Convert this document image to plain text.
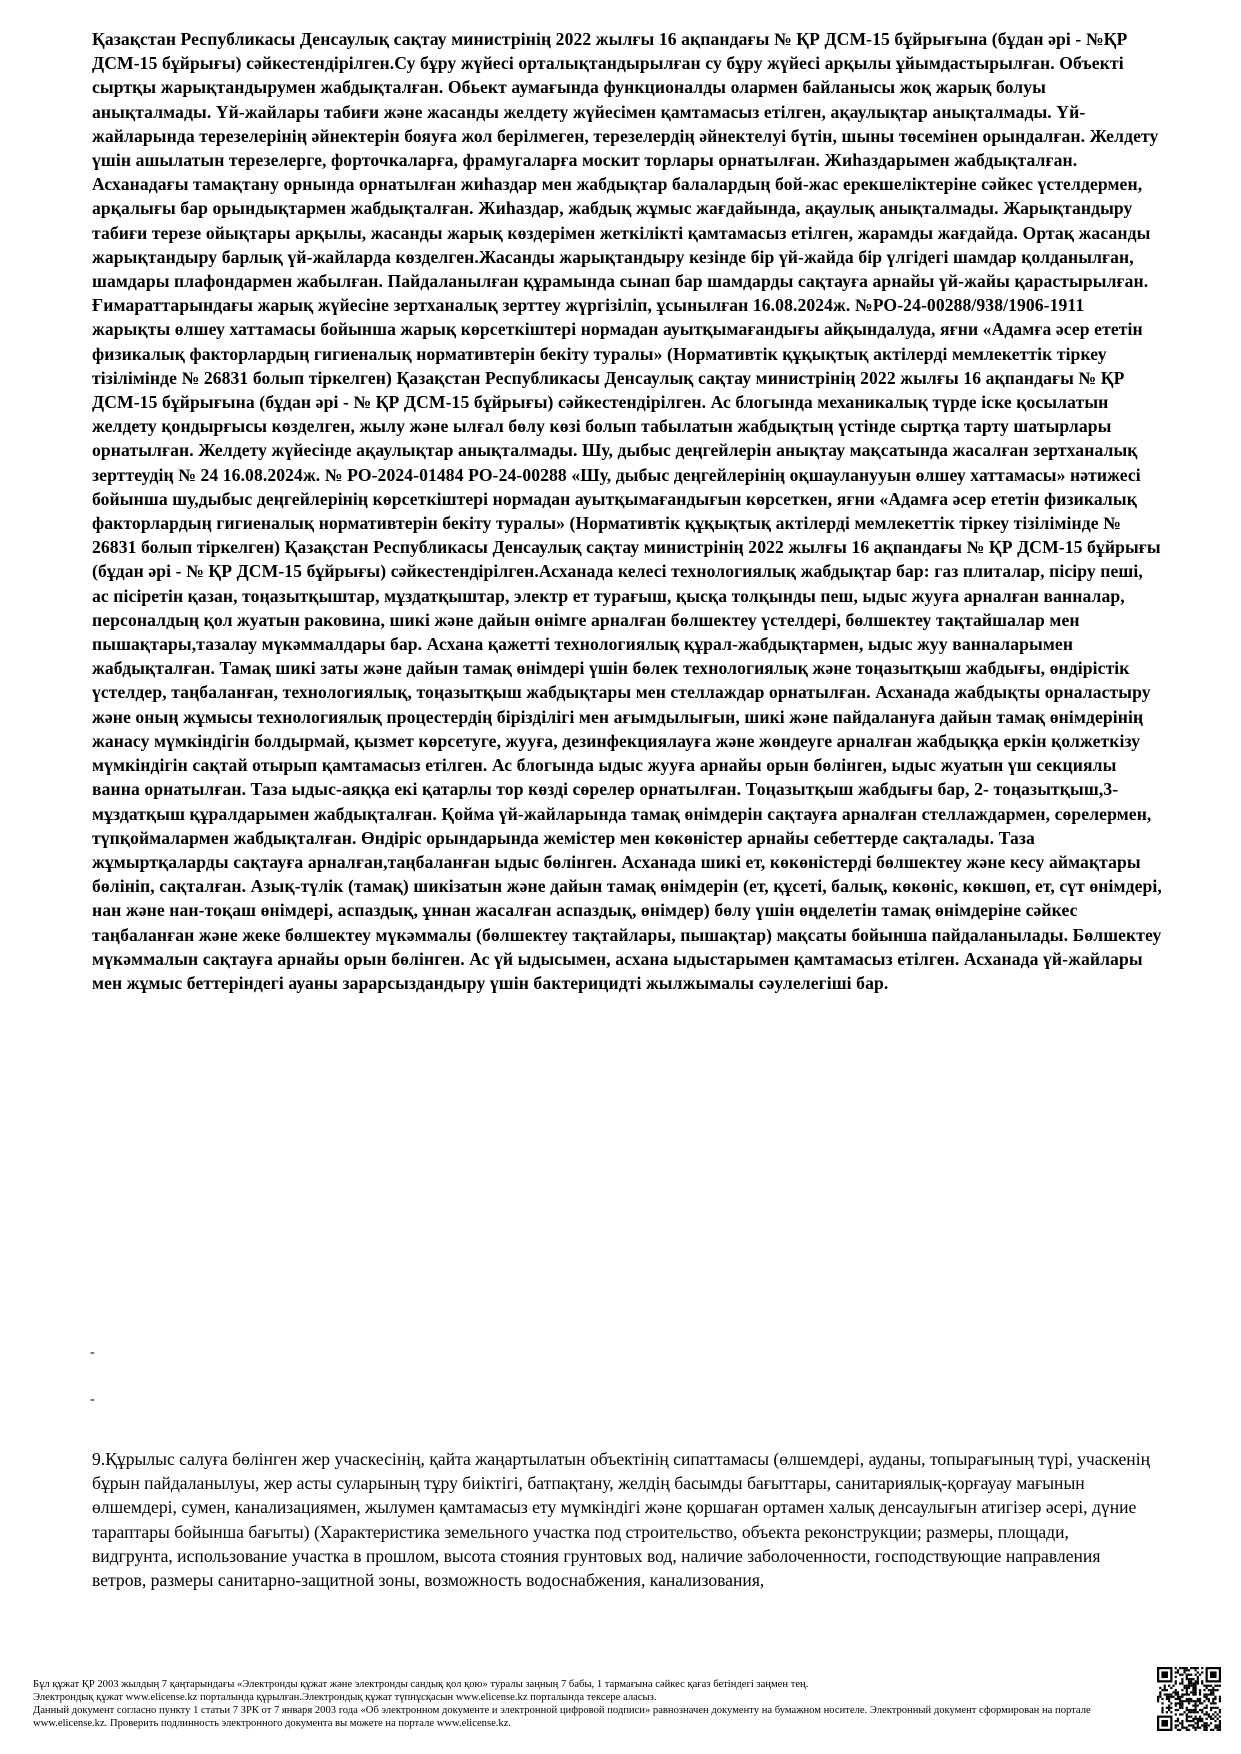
Қазақстан Республикасы Денсаулық сақтау министрінің 2022 жылғы 16 ақпандағы № ҚР ДСМ-15 бұйрығына (бұдан әрі - №ҚР ДСМ-15 бұйрығы) сәйкестендірілген.Су бұру жүйесі орталықтандырылған су бұру жүйесі арқылы ұйымдастырылған. Объекті сыртқы жарықтандырумен жабдықталған. Обьект аумағында функционалды олармен байланысы жоқ жарық болуы анықталмады. Үй-жайлары табиғи және жасанды желдету жүйесімен қамтамасыз етілген, ақаулықтар анықталмады. Үй-жайларында терезелерінің әйнектерін бояуға жол берілмеген, терезелердің әйнектелуі бүтін, шыны төсемінен орындалған. Желдету үшін ашылатын терезелерге, форточкаларға, фрамугаларға москит торлары орнатылған. Жиһаздарымен жабдықталған. Асханадағы тамақтану орнында орнатылған жиһаздар мен жабдықтар балалардың бой-жас ерекшеліктеріне сәйкес үстелдермен, арқалығы бар орындықтармен жабдықталған. Жиһаздар, жабдық жұмыс жағдайында, ақаулық анықталмады. Жарықтандыру табиғи терезе ойықтары арқылы, жасанды жарық көздерімен жеткілікті қамтамасыз етілген, жарамды жағдайда. Ортақ жасанды жарықтандыру барлық үй-жайларда көзделген.Жасанды жарықтандыру кезінде бір үй-жайда бір үлгідегі шамдар қолданылған, шамдары плафондармен жабылған. Пайдаланылған құрамында сынап бар шамдарды сақтауға арнайы үй-жайы қарастырылған. Ғимараттарындағы жарық жүйесіне зертханалық зерттеу жүргізіліп, ұсынылған 16.08.2024ж. №РО-24-00288/938/1906-1911 жарықты өлшеу хаттамасы бойынша жарық көрсеткіштері нормадан ауытқымағандығы айқындалуда, яғни «Адамға әсер ететін физикалық факторлардың гигиеналық нормативтерін бекіту туралы» (Нормативтік құқықтық актілерді мемлекеттік тіркеу тізілімінде № 26831 болып тіркелген) Қазақстан Республикасы Денсаулық сақтау министрінің 2022 жылғы 16 ақпандағы № ҚР ДСМ-15 бұйрығына (бұдан әрі - № ҚР ДСМ-15 бұйрығы) сәйкестендірілген. Ас блогында механикалық түрде іске қосылатын желдету қондырғысы көзделген, жылу және ылғал бөлу көзі болып табылатын жабдықтың үстінде сыртқа тарту шатырлары орнатылған. Желдету жүйесінде ақаулықтар анықталмады. Шу, дыбыс деңгейлерін анықтау мақсатында жасалған зертханалық зерттеудің № 24 16.08.2024ж. № РО-2024-01484 РО-24-00288 «Шу, дыбыс деңгейлерінің оқшауланууын өлшеу хаттамасы» нәтижесі бойынша шу,дыбыс деңгейлерінің көрсеткіштері нормадан ауытқымағандығын көрсеткен, яғни «Адамға әсер ететін физикалық факторлардың гигиеналық нормативтерін бекіту туралы» (Нормативтік құқықтық актілерді мемлекеттік тіркеу тізілімінде № 26831 болып тіркелген) Қазақстан Республикасы Денсаулық сақтау министрінің 2022 жылғы 16 ақпандағы № ҚР ДСМ-15 бұйрығы (бұдан әрі - № ҚР ДСМ-15 бұйрығы) сәйкестендірілген.Асханада келесі технологиялық жабдықтар бар: газ плиталар, пісіру пеші, ас пісіретін қазан, тоңазытқыштар, мұздатқыштар, электр ет турағыш, қысқа толқынды пеш, ыдыс жууға арналған ванналар, персоналдың қол жуатын раковина, шикі және дайын өнімге арналған бөлшектеу үстелдері, бөлшектеу тақтайшалар мен пышақтары,тазалау мүкәммалдары бар. Асхана қажетті технологиялық құрал-жабдықтармен, ыдыс жуу ванналарымен жабдықталған. Тамақ шикі заты және дайын тамақ өнімдері үшін бөлек технологиялық және тоңазытқыш жабдығы, өндірістік үстелдер, таңбаланған, технологиялық, тоңазытқыш жабдықтары мен стеллаждар орнатылған. Асханада жабдықты орналастыру және оның жұмысы технологиялық процестердің бірізділігі мен ағымдылығын, шикі және пайдалануға дайын тамақ өнімдерінің жанасу мүмкіндігін болдырмай, қызмет көрсетуге, жууға, дезинфекциялауға және жөндеуге арналған жабдыққа еркін қолжеткізу мүмкіндігін сақтай отырып қамтамасыз етілген. Ас блогында ыдыс жууға арнайы орын бөлінген, ыдыс жуатын үш секциялы ванна орнатылған. Таза ыдыс-аяққа екі қатарлы тор көзді сөрелер орнатылған. Тоңазытқыш жабдығы бар, 2- тоңазытқыш,3-мұздатқыш құралдарымен жабдықталған. Қойма үй-жайларында тамақ өнімдерін сақтауға арналған стеллаждармен, сөрелермен, түпқоймалармен жабдықталған. Өндіріс орындарында жемістер мен көкөністер арнайы себеттерде сақталады. Таза жұмыртқаларды сақтауға арналған,таңбаланған ыдыс бөлінген. Асханада шикі ет, көкөністерді бөлшектеу және кесу аймақтары бөлініп, сақталған. Азық-түлік (тамақ) шикізатын және дайын тамақ өнімдерін (ет, құсеті, балық, көкөніс, көкшөп, ет, сүт өнімдері, нан және нан-тоқаш өнімдері, аспаздық, ұннан жасалған аспаздық, өнімдер) бөлу үшін өңделетін тамақ өнімдеріне сәйкес таңбаланған және жеке бөлшектеу мүкәммалы (бөлшектеу тақтайлары, пышақтар) мақсаты бойынша пайдаланылады. Бөлшектеу мүкәммалын сақтауға арнайы орын бөлінген. Ас үй ыдысымен, асхана ыдыстарымен қамтамасыз етілген. Асханада үй-жайлары мен жұмыс беттеріндегі ауаны зарарсыздандыру үшін бактерицидті жылжымалы сәулелегіші бар.
-
-
9.Құрылыс салуға бөлінген жер учаскесінің, қайта жаңартылатын объектінің сипаттамасы (өлшемдері, ауданы, топырағының түрі, учаскенің бұрын пайдаланылуы, жер асты суларының тұру биіктігі, батпақтану, желдің басымды бағыттары, санитариялық-қорғауау мағынын өлшемдері, сумен, канализациямен, жылумен қамтамасыз ету мүмкіндігі және қоршаған ортамен халық денсаулығын атигізер әсері, дүние тараптары бойынша бағыты) (Характеристика земельного участка под строительство, объекта реконструкции; размеры, площади, видгрунта, использование участка в прошлом, высота стояния грунтовых вод, наличие заболоченности, господствующие направления ветров, размеры санитарно-защитной зоны, возможность водоснабжения, канализования,

Бұл құжат ҚР 2003 жылдың 7 қаңтарындағы «Электронды құжат және электронды сандық қол қою» туралы заңның 7 бабы, 1 тармағына сәйкес қағаз бетіндегі заңмен тең.

Электрондық құжат www.elicense.kz порталында құрылған.Электрондық құжат түпнұсқасын www.elicense.kz порталында тексере аласыз.

Данный документ согласно пункту 1 статьи 7 ЗРК от 7 января 2003 года «Об электронном документе и электронной цифровой подписи» равнозначен документу на бумажном носителе. Электронный документ сформирован на портале www.elicense.kz. Проверить подлинность электронного документа вы можете на портале www.elicense.kz.
